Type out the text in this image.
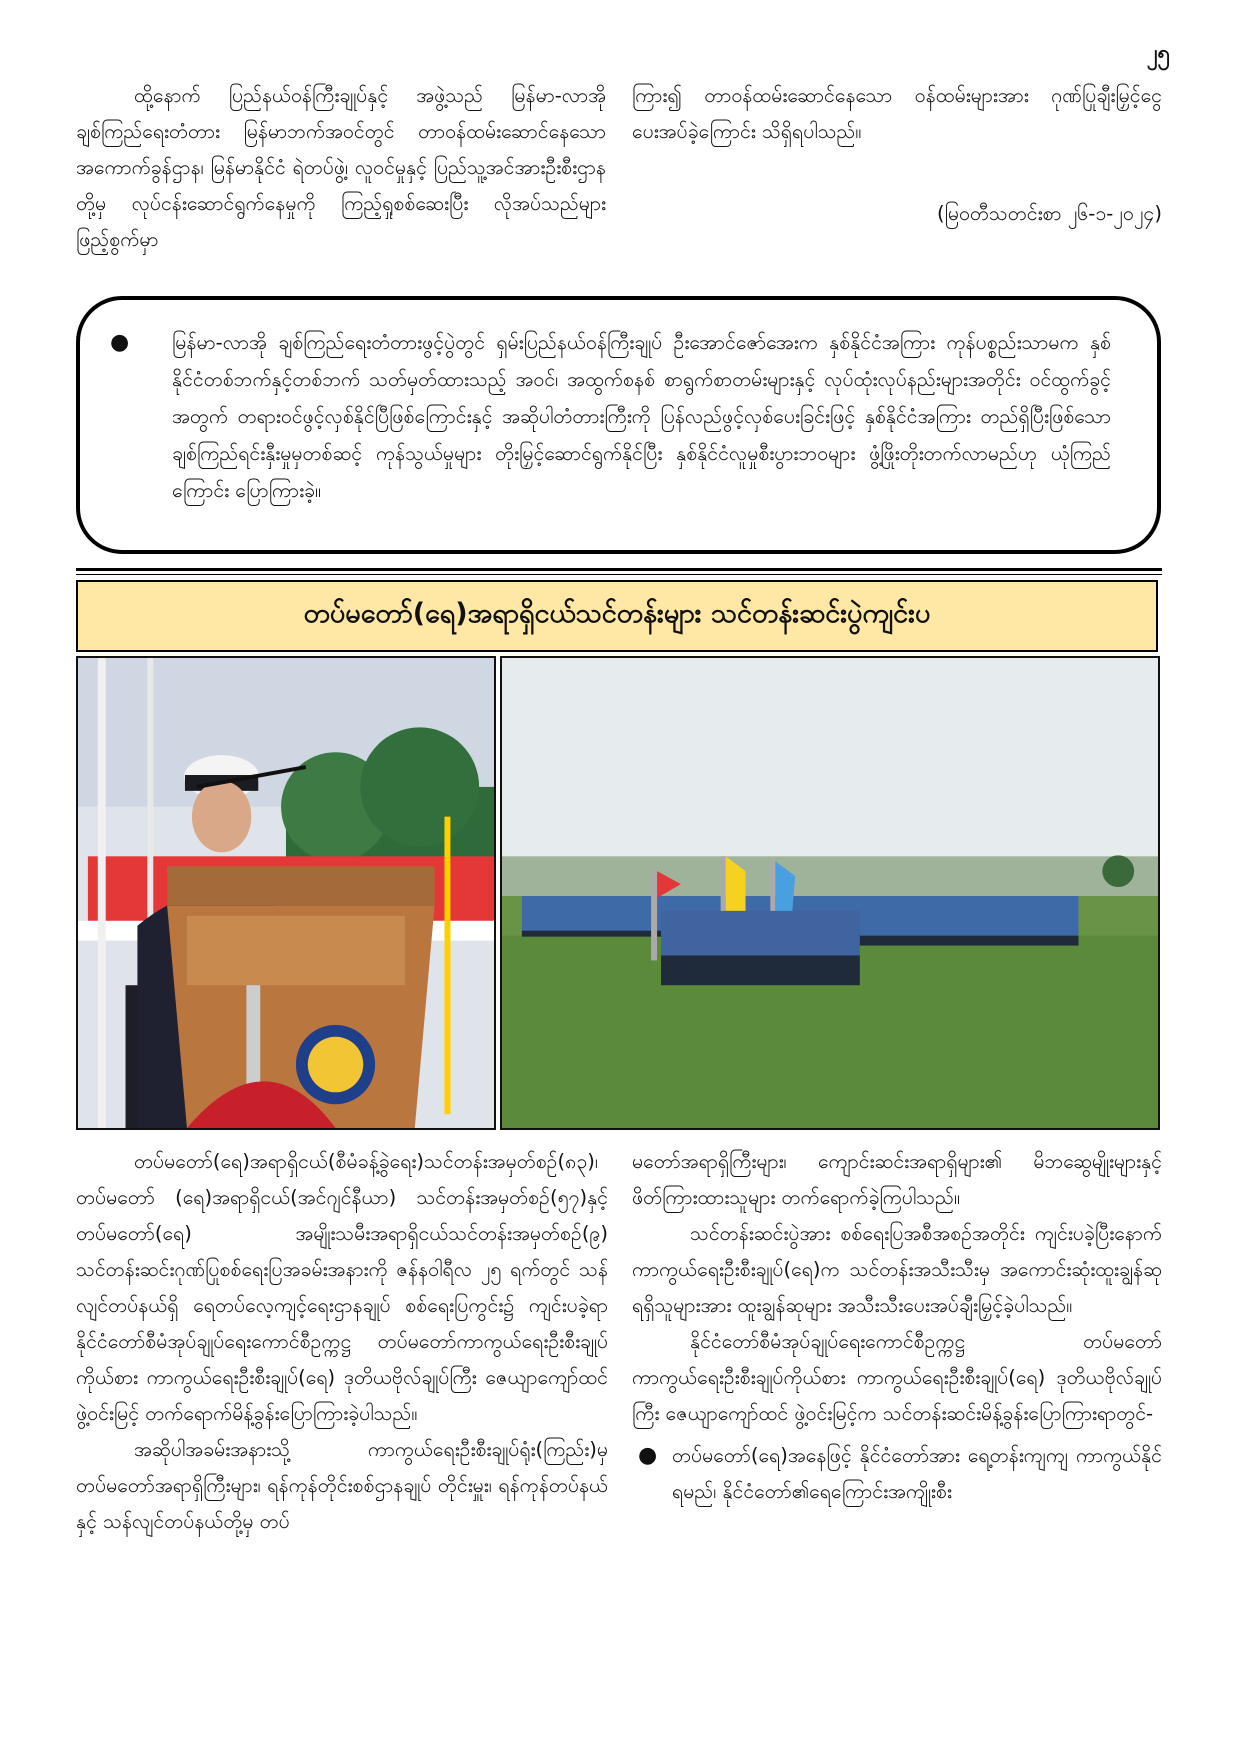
၂၅

ထို့နောက် ပြည်နယ်ဝန်ကြီးချုပ်နှင့် အဖွဲ့သည် မြန်မာ-လာအို ချစ်ကြည်ရေးတံတား မြန်မာဘက်အဝင်တွင် တာဝန်ထမ်းဆောင်နေသော အကောက်ခွန်ဌာန၊ မြန်မာနိုင်ငံ ရဲတပ်ဖွဲ့၊ လူဝင်မှုနှင့် ပြည်သူ့အင်အားဦးစီးဌာနတို့မှ လုပ်ငန်းဆောင်ရွက်နေမှုကို ကြည့်ရှုစစ်ဆေးပြီး လိုအပ်သည်များ ဖြည့်စွက်မှာ

ကြား၍ တာဝန်ထမ်းဆောင်နေသော ဝန်ထမ်းများအား ဂုဏ်ပြုချီးမြှင့်ငွေပေးအပ်ခဲ့ကြောင်း သိရှိရပါသည်။

(မြဝတီသတင်းစာ ၂၆-၁-၂၀၂၄)

●	မြန်မာ-လာအို ချစ်ကြည်ရေးတံတားဖွင့်ပွဲတွင် ရှမ်းပြည်နယ်ဝန်ကြီးချုပ် ဦးအောင်ဇော်အေးက နှစ်နိုင်ငံအကြား ကုန်ပစ္စည်းသာမက နှစ်နိုင်ငံတစ်ဘက်နှင့်တစ်ဘက် သတ်မှတ်ထားသည့် အဝင်၊ အထွက်စနစ် စာရွက်စာတမ်းများနှင့် လုပ်ထုံးလုပ်နည်းများအတိုင်း ဝင်ထွက်ခွင့်အတွက် တရားဝင်ဖွင့်လှစ်နိုင်ပြီဖြစ်ကြောင်းနှင့် အဆိုပါတံတားကြီးကို ပြန်လည်ဖွင့်လှစ်ပေးခြင်းဖြင့် နှစ်နိုင်ငံအကြား တည်ရှိပြီးဖြစ်သော ချစ်ကြည်ရင်းနှီးမှုမှတစ်ဆင့် ကုန်သွယ်မှုများ တိုးမြှင့်ဆောင်ရွက်နိုင်ပြီး နှစ်နိုင်ငံလူမှုစီးပွားဘဝများ ဖွံ့ဖြိုးတိုးတက်လာမည်ဟု ယုံကြည်ကြောင်း ပြောကြားခဲ့။
တပ်မတော်(ရေ)အရာရှိငယ်သင်တန်းများ သင်တန်းဆင်းပွဲကျင်းပ

တပ်မတော်(ရေ)အရာရှိငယ်(စီမံခန့်ခွဲရေး)သင်တန်းအမှတ်စဉ်(၈၃)၊ တပ်မတော် (ရေ)အရာရှိငယ်(အင်ဂျင်နီယာ) သင်တန်းအမှတ်စဉ်(၅၇)နှင့် တပ်မတော်(ရေ) အမျိုးသမီးအရာရှိငယ်သင်တန်းအမှတ်စဉ်(၉) သင်တန်းဆင်းဂုဏ်ပြုစစ်ရေးပြအခမ်းအနားကို ဇန်နဝါရီလ ၂၅ ရက်တွင် သန်လျင်တပ်နယ်ရှိ ရေတပ်လေ့ကျင့်ရေးဌာနချုပ် စစ်ရေးပြကွင်း၌ ကျင်းပခဲ့ရာ နိုင်ငံတော်စီမံအုပ်ချုပ်ရေးကောင်စီဥက္ကဋ္ဌ တပ်မတော်ကာကွယ်ရေးဦးစီးချုပ်ကိုယ်စား ကာကွယ်ရေးဦးစီးချုပ်(ရေ) ဒုတိယဗိုလ်ချုပ်ကြီး ဇေယျာကျော်ထင် ဖွဲ့ဝင်းမြင့် တက်ရောက်မိန့်ခွန်းပြောကြားခဲ့ပါသည်။

အဆိုပါအခမ်းအနားသို့ ကာကွယ်ရေးဦးစီးချုပ်ရုံး(ကြည်း)မှ တပ်မတော်အရာရှိကြီးများ၊ ရန်ကုန်တိုင်းစစ်ဌာနချုပ် တိုင်းမှူး၊ ရန်ကုန်တပ်နယ်နှင့် သန်လျင်တပ်နယ်တို့မှ တပ်

မတော်အရာရှိကြီးများ၊ ကျောင်းဆင်းအရာရှိများ၏ မိဘဆွေမျိုးများနှင့် ဖိတ်ကြားထားသူများ တက်ရောက်ခဲ့ကြပါသည်။

သင်တန်းဆင်းပွဲအား စစ်ရေးပြအစီအစဉ်အတိုင်း ကျင်းပခဲ့ပြီးနောက် ကာကွယ်ရေးဦးစီးချုပ်(ရေ)က သင်တန်းအသီးသီးမှ အကောင်းဆုံးထူးချွန်ဆုရရှိသူများအား ထူးချွန်ဆုများ အသီးသီးပေးအပ်ချီးမြှင့်ခဲ့ပါသည်။

နိုင်ငံတော်စီမံအုပ်ချုပ်ရေးကောင်စီဥက္ကဋ္ဌ တပ်မတော်ကာကွယ်ရေးဦးစီးချုပ်ကိုယ်စား ကာကွယ်ရေးဦးစီးချုပ်(ရေ) ဒုတိယဗိုလ်ချုပ်ကြီး ဇေယျာကျော်ထင် ဖွဲ့ဝင်းမြင့်က သင်တန်းဆင်းမိန့်ခွန်းပြောကြားရာတွင်-

● တပ်မတော်(ရေ)အနေဖြင့် နိုင်ငံတော်အား ရေ့တန်းကျကျ ကာကွယ်နိုင်ရမည်၊ နိုင်ငံတော်၏ရေကြောင်းအကျိုးစီး
